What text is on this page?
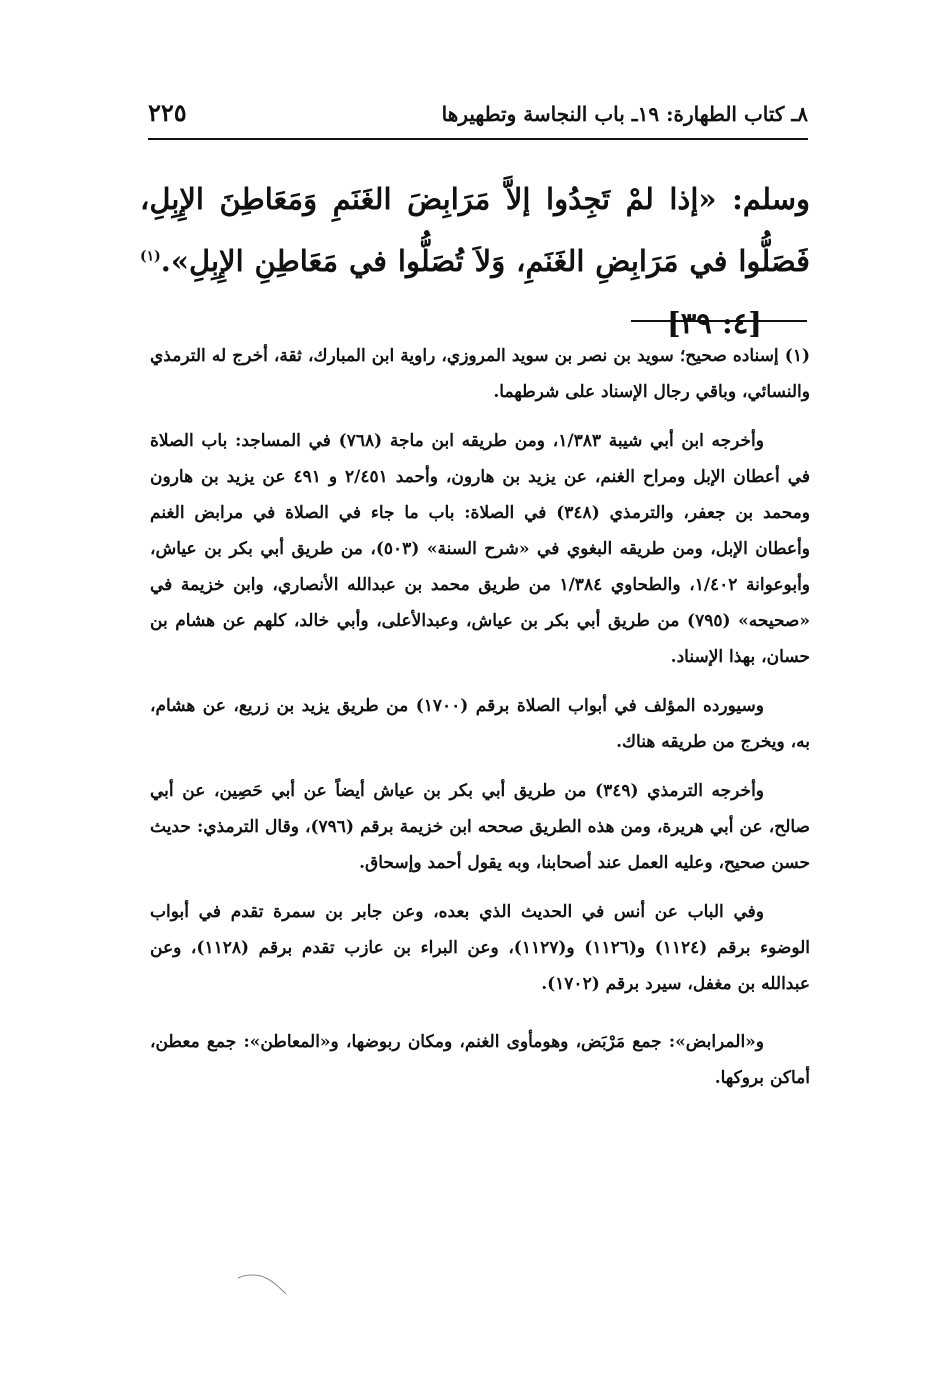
٨ـ كتاب الطهارة: ١٩ـ باب النجاسة وتطهيرها
٢٢٥
وسلم: «إذا لمْ تَجِدُوا إلاَّ مَرَابِضَ الغَنَمِ وَمَعَاطِنَ الإِبِلِ، فَصَلُّوا في مَرَابِضِ الغَنَمِ، وَلاَ تُصَلُّوا في مَعَاطِنِ الإِبِلِ».$^{(١)}$[٤: ٣٩]

(١) إسناده صحيح؛ سويد بن نصر بن سويد المروزي، راوية ابن المبارك، ثقة، أخرج له الترمذي والنسائي، وباقي رجال الإسناد على شرطهما.

وأخرجه ابن أبي شيبة ١/٣٨٣، ومن طريقه ابن ماجة (٧٦٨) في المساجد: باب الصلاة في أعطان الإبل ومراح الغنم، عن يزيد بن هارون، وأحمد ٢/٤٥١ و ٤٩١ عن يزيد بن هارون ومحمد بن جعفر، والترمذي (٣٤٨) في الصلاة: باب ما جاء في الصلاة في مرابض الغنم وأعطان الإبل، ومن طريقه البغوي في «شرح السنة» (٥٠٣)، من طريق أبي بكر بن عياش، وأبوعوانة ١/٤٠٢، والطحاوي ١/٣٨٤ من طريق محمد بن عبدالله الأنصاري، وابن خزيمة في «صحيحه» (٧٩٥) من طريق أبي بكر بن عياش، وعبدالأعلى، وأبي خالد، كلهم عن هشام بن حسان، بهذا الإسناد.

وسيورده المؤلف في أبواب الصلاة برقم (١٧٠٠) من طريق يزيد بن زريع، عن هشام، به، ويخرج من طريقه هناك.

وأخرجه الترمذي (٣٤٩) من طريق أبي بكر بن عياش أيضاً عن أبي حَصِين، عن أبي صالح، عن أبي هريرة، ومن هذه الطريق صححه ابن خزيمة برقم (٧٩٦)، وقال الترمذي: حديث حسن صحيح، وعليه العمل عند أصحابنا، وبه يقول أحمد وإسحاق.

وفي الباب عن أنس في الحديث الذي بعده، وعن جابر بن سمرة تقدم في أبواب الوضوء برقم (١١٢٤) و(١١٢٦) و(١١٢٧)، وعن البراء بن عازب تقدم برقم (١١٢٨)، وعن عبدالله بن مغفل، سيرد برقم (١٧٠٢).

و«المرابض»: جمع مَرْبَض، وهومأوى الغنم، ومكان ربوضها، و«المعاطن»: جمع معطن، أماكن بروكها.
